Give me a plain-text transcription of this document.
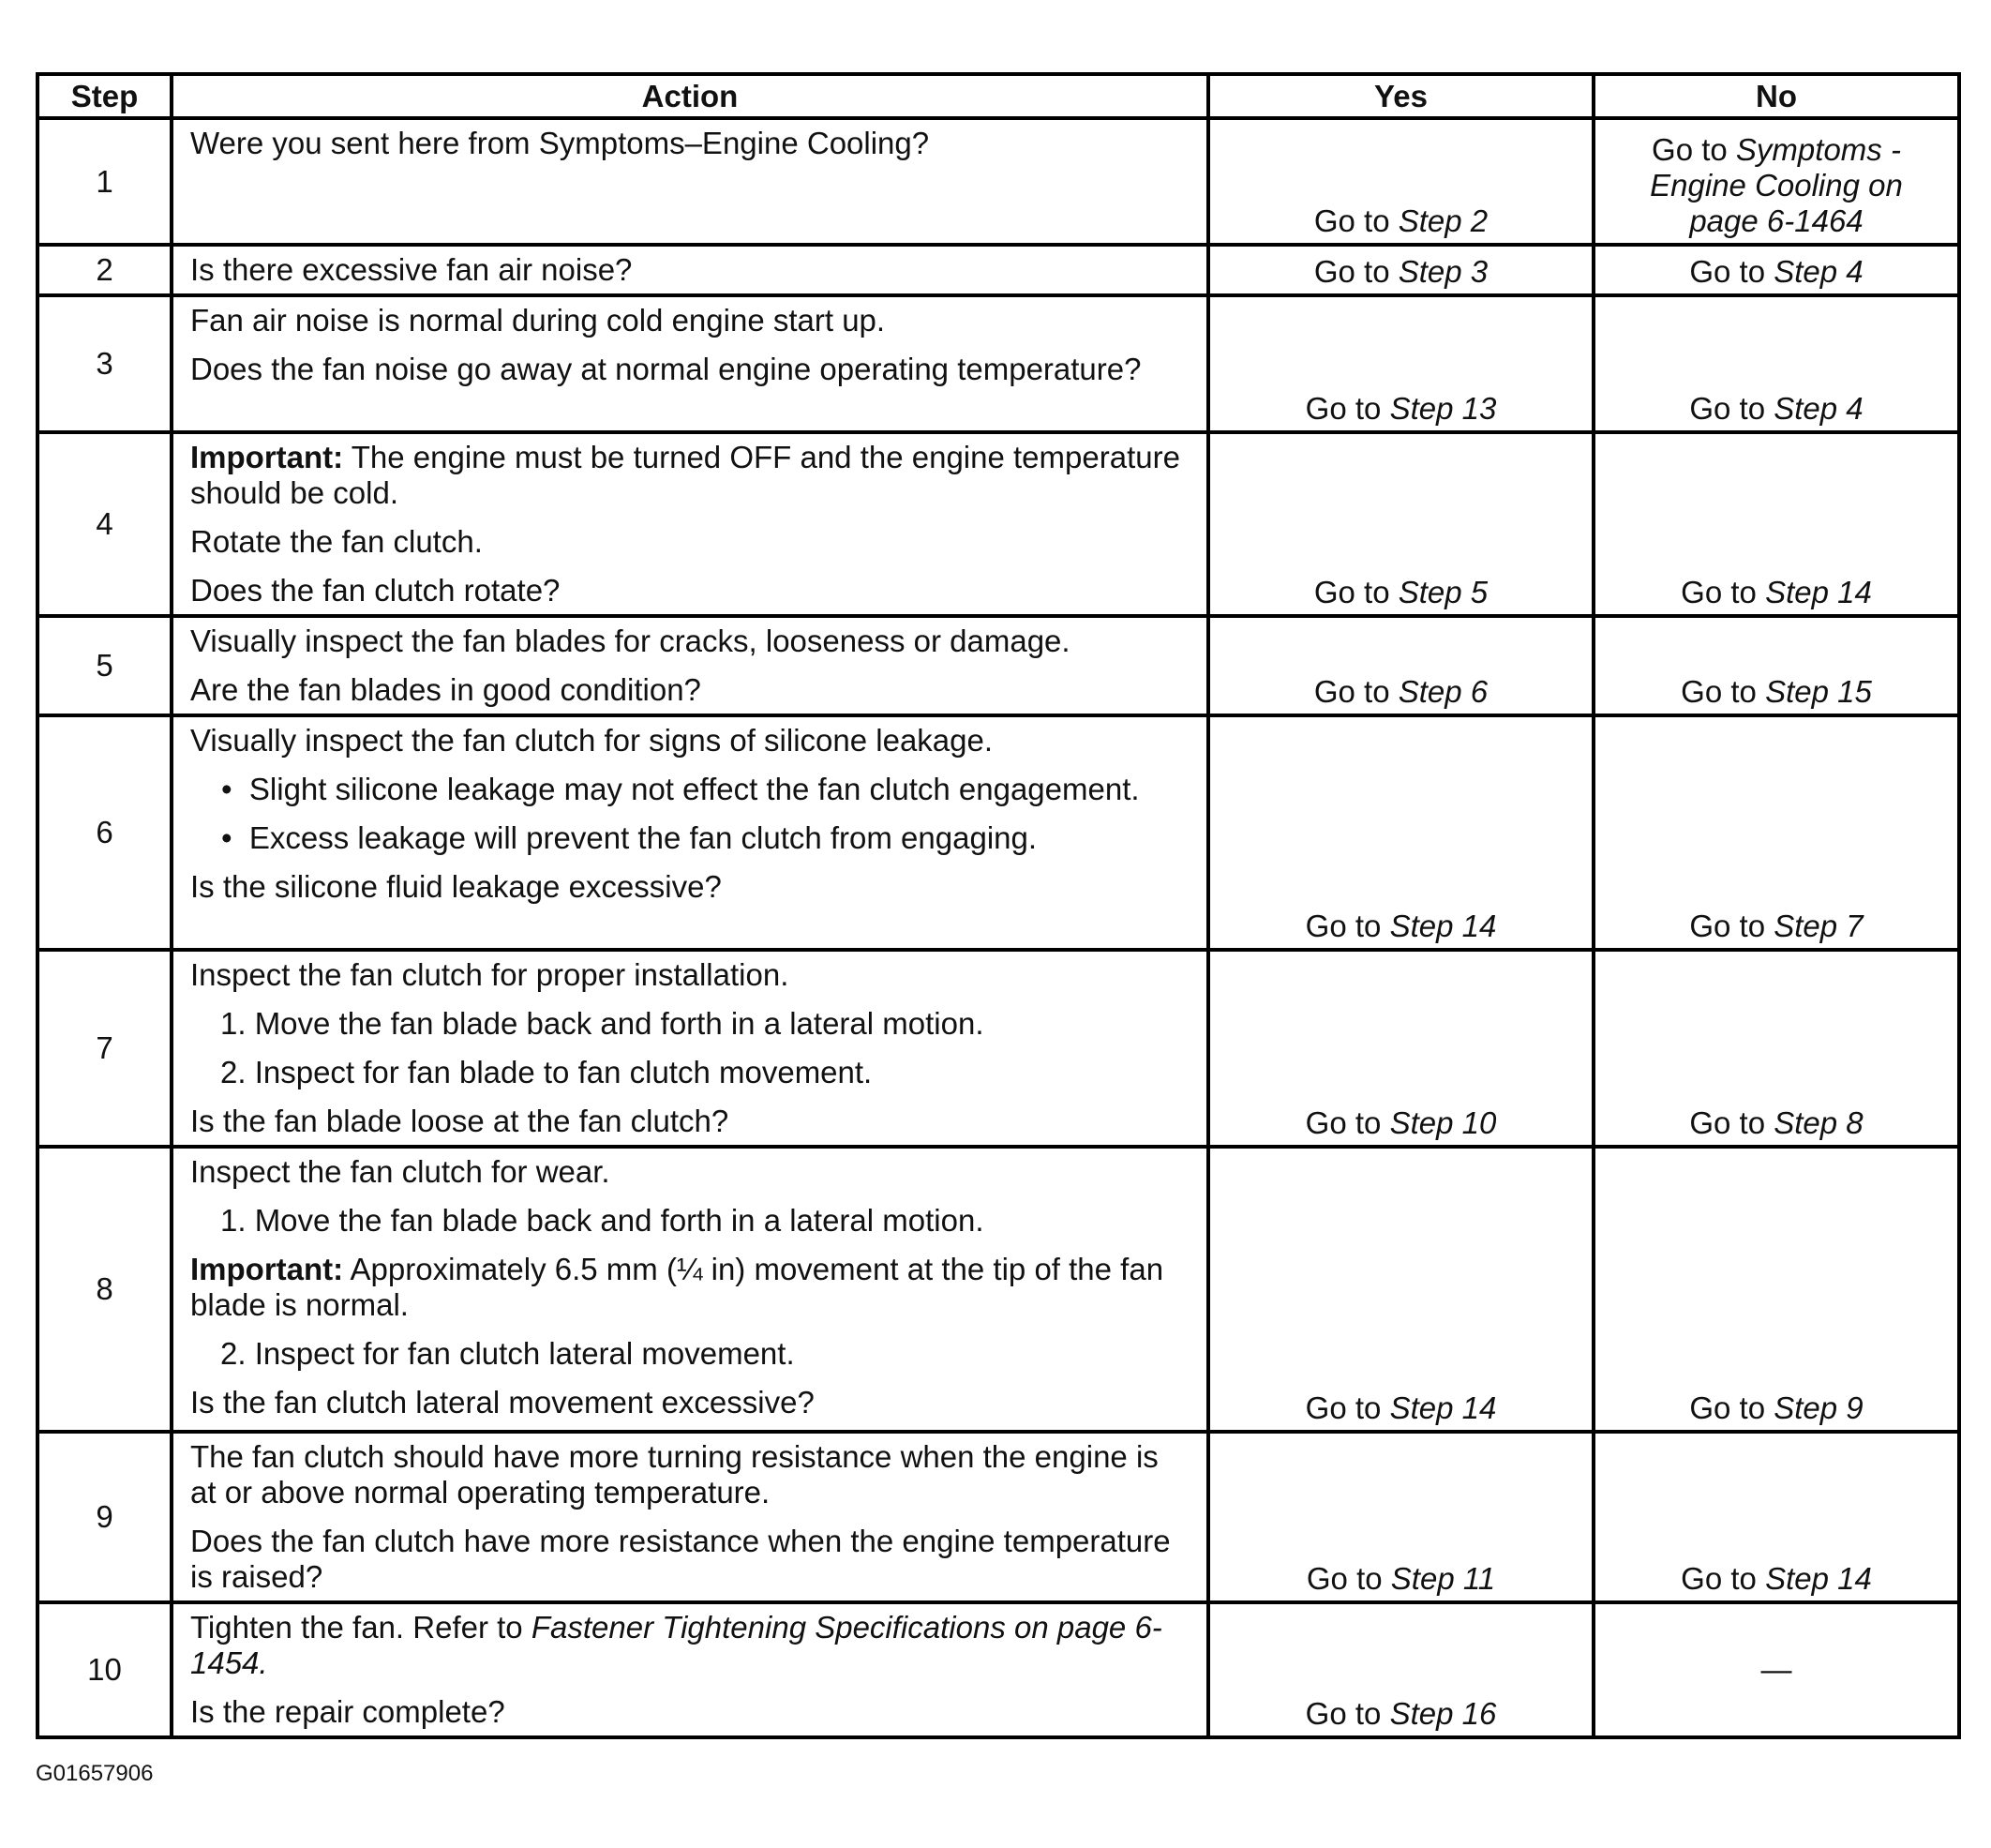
Step	Action	Yes	No
1	Were you sent here from Symptoms–Engine Cooling?	Go to Step 2	Go to Symptoms - Engine Cooling on page 6-1464
2	Is there excessive fan air noise?	Go to Step 3	Go to Step 4
3	Fan air noise is normal during cold engine start up.
Does the fan noise go away at normal engine operating temperature?	Go to Step 13	Go to Step 4
4	Important: The engine must be turned OFF and the engine temperature should be cold.
Rotate the fan clutch.
Does the fan clutch rotate?	Go to Step 5	Go to Step 14
5	Visually inspect the fan blades for cracks, looseness or damage.
Are the fan blades in good condition?	Go to Step 6	Go to Step 15
6	Visually inspect the fan clutch for signs of silicone leakage.
•  Slight silicone leakage may not effect the fan clutch engagement.
•  Excess leakage will prevent the fan clutch from engaging.
Is the silicone fluid leakage excessive?	Go to Step 14	Go to Step 7
7	Inspect the fan clutch for proper installation.
1. Move the fan blade back and forth in a lateral motion.
2. Inspect for fan blade to fan clutch movement.
Is the fan blade loose at the fan clutch?	Go to Step 10	Go to Step 8
8	Inspect the fan clutch for wear.
1. Move the fan blade back and forth in a lateral motion.
Important: Approximately 6.5 mm (¼ in) movement at the tip of the fan blade is normal.
2. Inspect for fan clutch lateral movement.
Is the fan clutch lateral movement excessive?	Go to Step 14	Go to Step 9
9	The fan clutch should have more turning resistance when the engine is at or above normal operating temperature.
Does the fan clutch have more resistance when the engine temperature is raised?	Go to Step 11	Go to Step 14
10	Tighten the fan. Refer to Fastener Tightening Specifications on page 6-1454.
Is the repair complete?	Go to Step 16	—
G01657906
